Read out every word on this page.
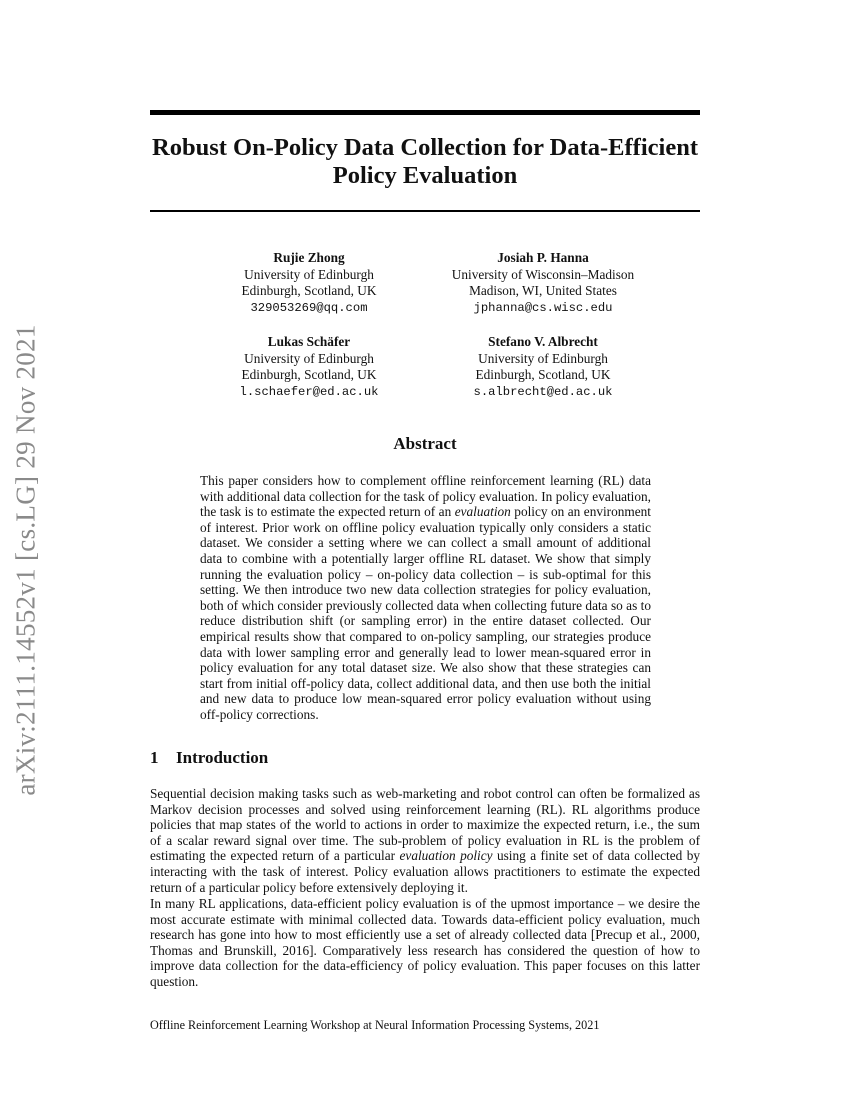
arXiv:2111.14552v1 [cs.LG] 29 Nov 2021
Robust On-Policy Data Collection for Data-Efficient
Policy Evaluation
Rujie Zhong
University of Edinburgh
Edinburgh, Scotland, UK
329053269@qq.com
Josiah P. Hanna
University of Wisconsin–Madison
Madison, WI, United States
jphanna@cs.wisc.edu
Lukas Schäfer
University of Edinburgh
Edinburgh, Scotland, UK
l.schaefer@ed.ac.uk
Stefano V. Albrecht
University of Edinburgh
Edinburgh, Scotland, UK
s.albrecht@ed.ac.uk
Abstract
This paper considers how to complement offline reinforcement learning (RL) data with additional data collection for the task of policy evaluation. In policy evaluation, the task is to estimate the expected return of an evaluation policy on an environment of interest. Prior work on offline policy evaluation typically only considers a static dataset. We consider a setting where we can collect a small amount of additional data to combine with a potentially larger offline RL dataset. We show that simply running the evaluation policy – on-policy data collection – is sub-optimal for this setting. We then introduce two new data collection strategies for policy evaluation, both of which consider previously collected data when collecting future data so as to reduce distribution shift (or sampling error) in the entire dataset collected. Our empirical results show that compared to on-policy sampling, our strategies produce data with lower sampling error and generally lead to lower mean-squared error in policy evaluation for any total dataset size. We also show that these strategies can start from initial off-policy data, collect additional data, and then use both the initial and new data to produce low mean-squared error policy evaluation without using off-policy corrections.
1 Introduction
Sequential decision making tasks such as web-marketing and robot control can often be formalized as Markov decision processes and solved using reinforcement learning (RL). RL algorithms produce policies that map states of the world to actions in order to maximize the expected return, i.e., the sum of a scalar reward signal over time. The sub-problem of policy evaluation in RL is the problem of estimating the expected return of a particular evaluation policy using a finite set of data collected by interacting with the task of interest. Policy evaluation allows practitioners to estimate the expected return of a particular policy before extensively deploying it.
In many RL applications, data-efficient policy evaluation is of the upmost importance – we desire the most accurate estimate with minimal collected data. Towards data-efficient policy evaluation, much research has gone into how to most efficiently use a set of already collected data [Precup et al., 2000, Thomas and Brunskill, 2016]. Comparatively less research has considered the question of how to improve data collection for the data-efficiency of policy evaluation. This paper focuses on this latter question.
Offline Reinforcement Learning Workshop at Neural Information Processing Systems, 2021
